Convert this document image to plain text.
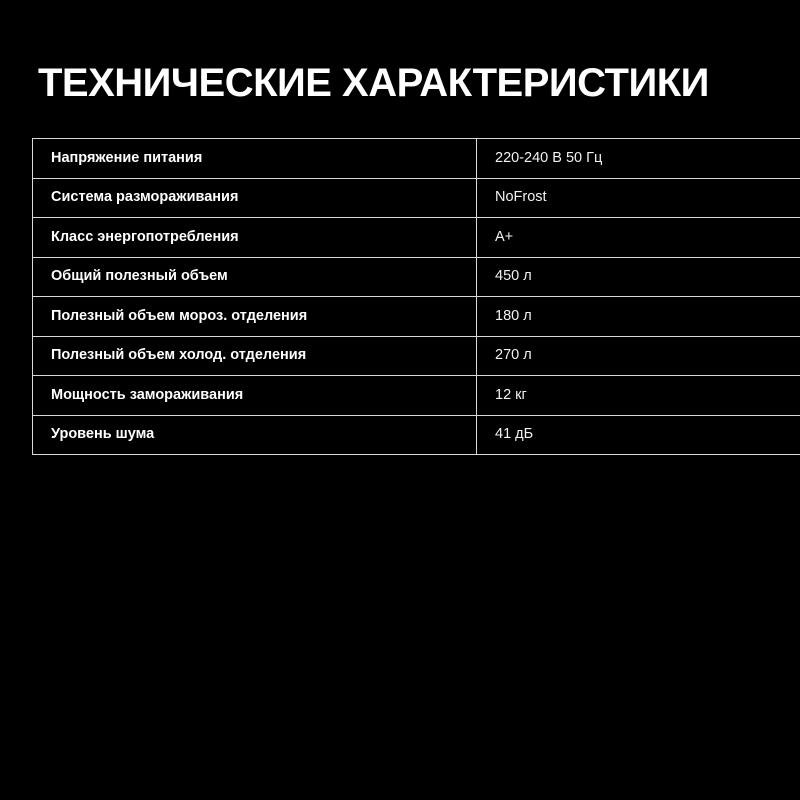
ТЕХНИЧЕСКИЕ ХАРАКТЕРИСТИКИ
Напряжение питания	220-240 В 50 Гц
Система размораживания	NoFrost
Класс энергопотребления	A+
Общий полезный объем	450 л
Полезный объем мороз. отделения	180 л
Полезный объем холод. отделения	270 л
Мощность замораживания	12 кг
Уровень шума	41 дБ
